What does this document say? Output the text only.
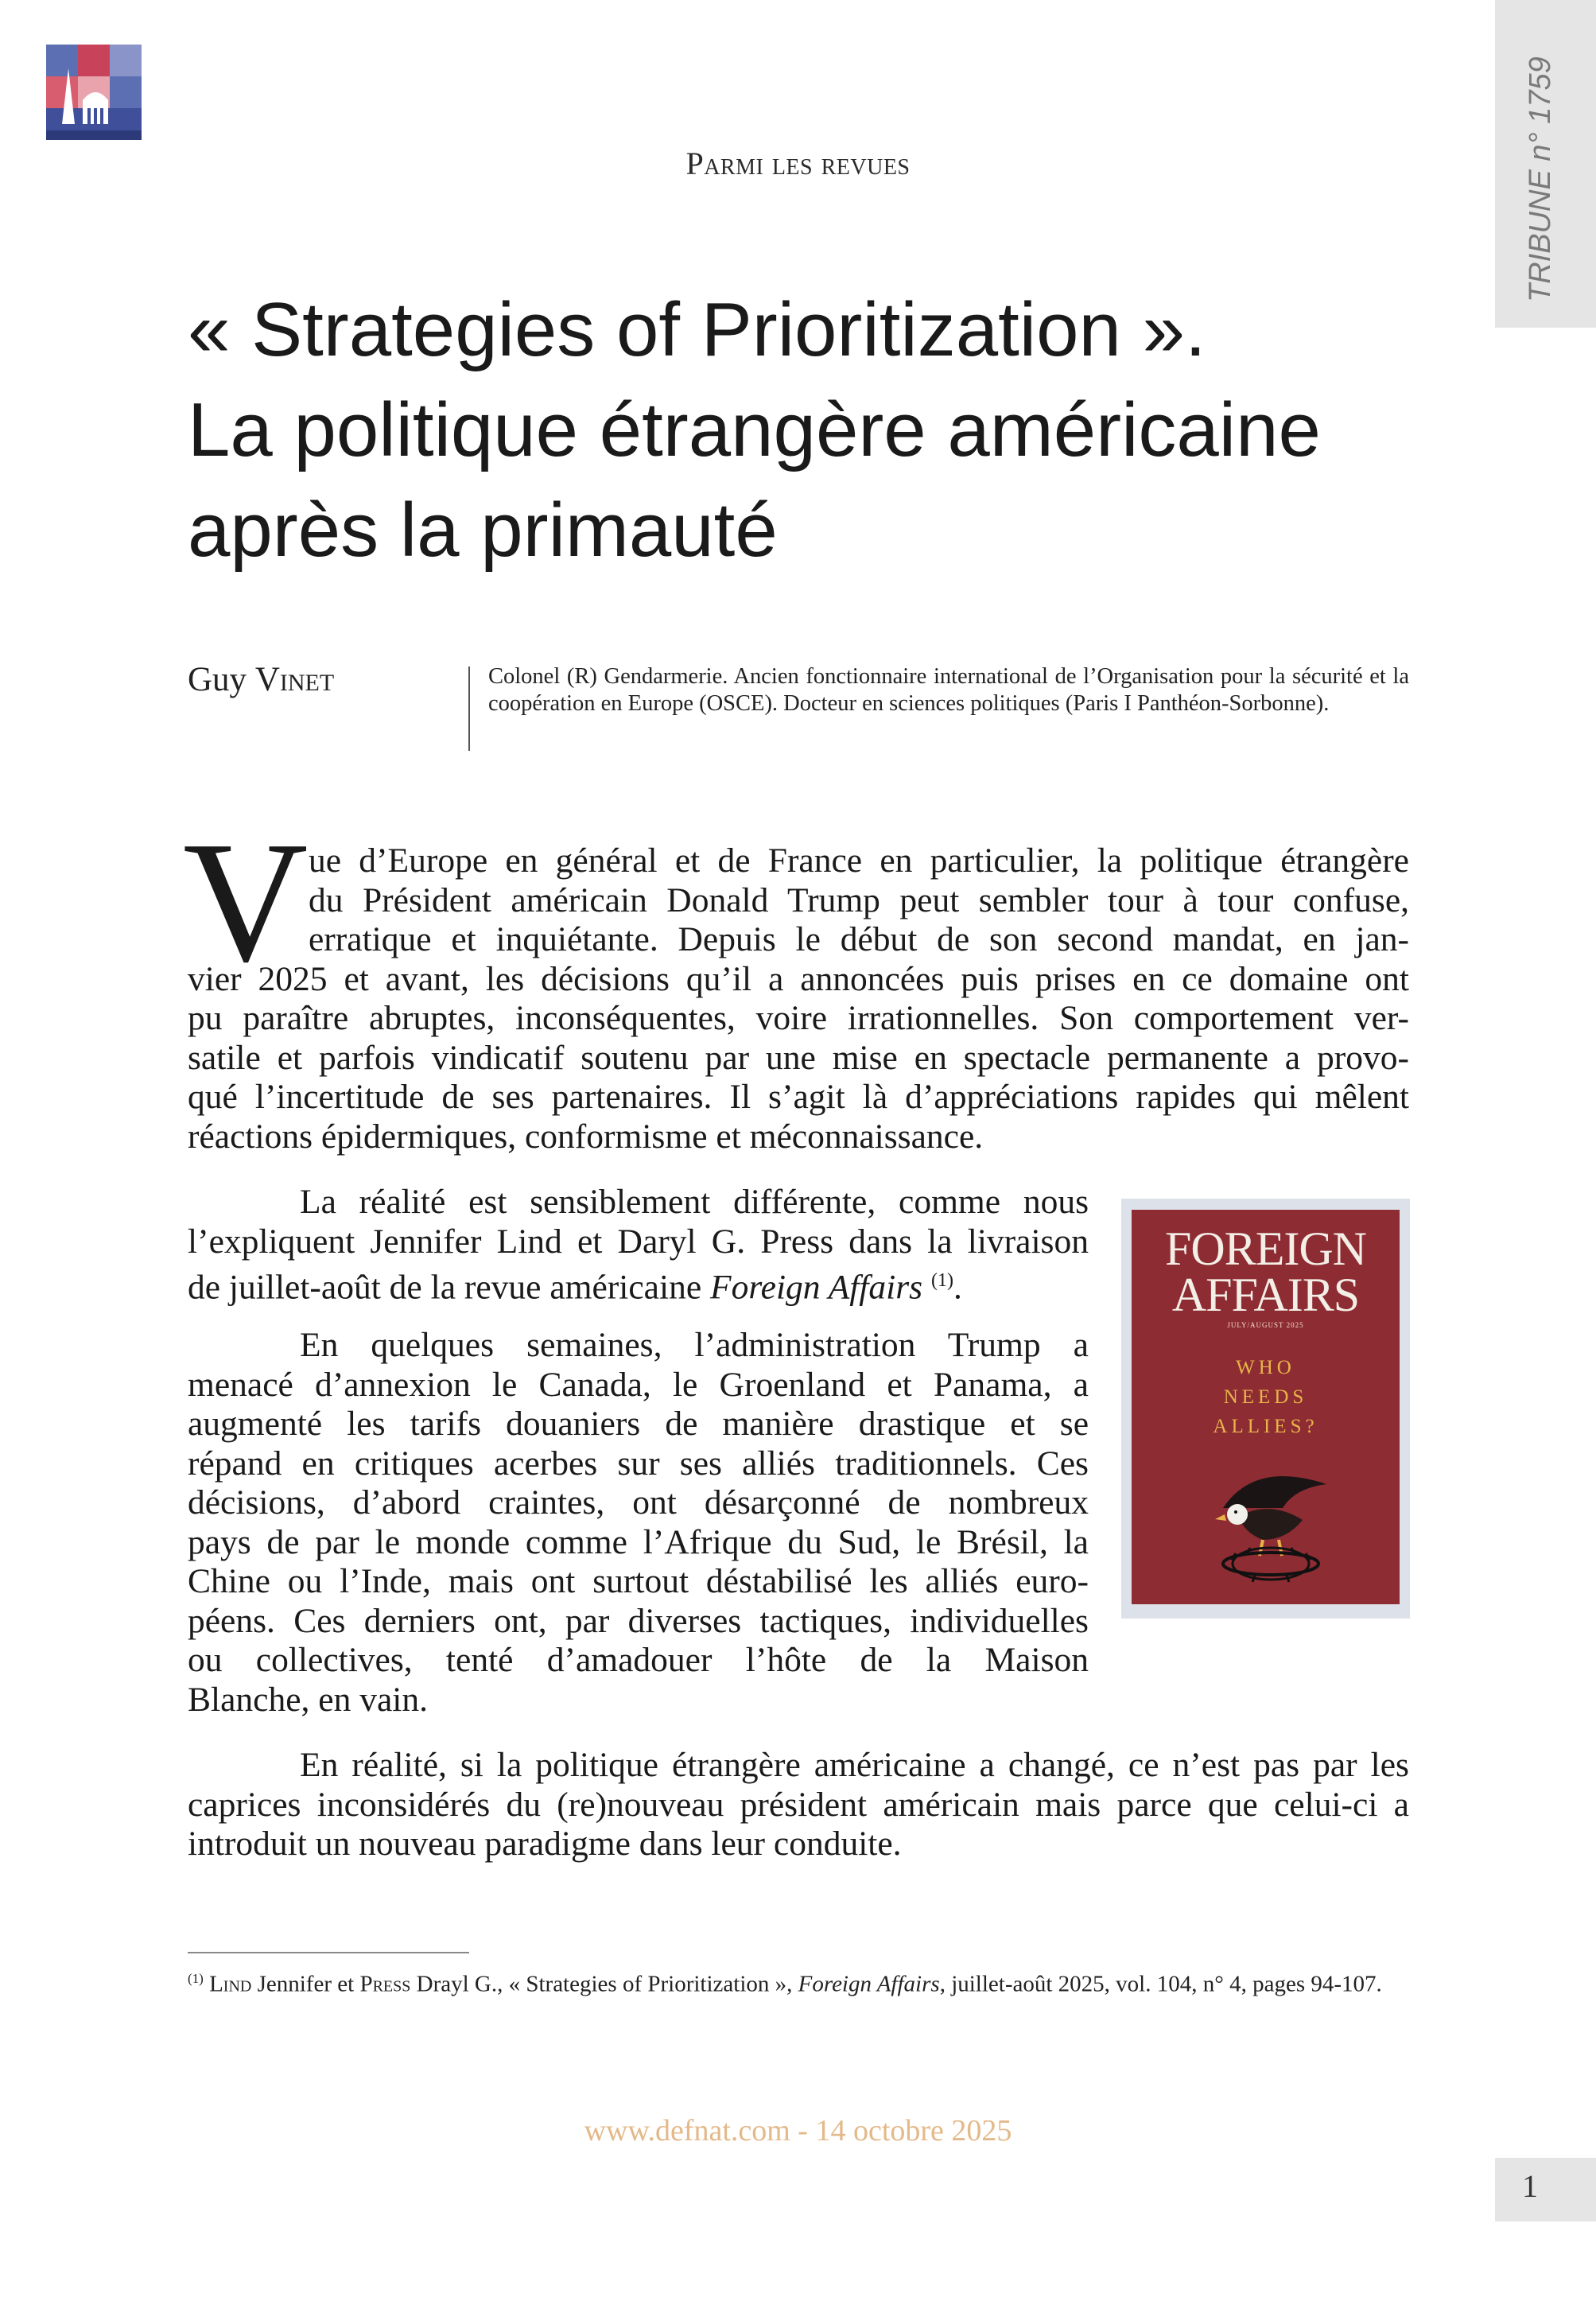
TRIBUNE n° 1759
Parmi les revues
« Strategies of Prioritization ».
La politique étrangère américaine
après la primauté
Guy Vinet	Colonel (R) Gendarmerie. Ancien fonctionnaire international de l’Organisation pour la sécurité et la coopération en Europe (OSCE). Docteur en sciences politiques (Paris I Panthéon-Sorbonne).
V ue d’Europe en général et de France en particulier, la politique étrangère
du Président américain Donald Trump peut sembler tour à tour confuse,
erratique et inquiétante. Depuis le début de son second mandat, en jan-
vier 2025 et avant, les décisions qu’il a annoncées puis prises en ce domaine ont
pu paraître abruptes, inconséquentes, voire irrationnelles. Son comportement ver-
satile et parfois vindicatif soutenu par une mise en spectacle permanente a provo-
qué l’incertitude de ses partenaires. Il s’agit là d’appréciations rapides qui mêlent
réactions épidermiques, conformisme et méconnaissance.
La réalité est sensiblement différente, comme nous
l’expliquent Jennifer Lind et Daryl G. Press dans la livraison
de juillet-août de la revue américaine Foreign Affairs $^{(1)}$.
En quelques semaines, l’administration Trump a
menacé d’annexion le Canada, le Groenland et Panama, a
augmenté les tarifs douaniers de manière drastique et se
répand en critiques acerbes sur ses alliés traditionnels. Ces
décisions, d’abord craintes, ont désarçonné de nombreux
pays de par le monde comme l’Afrique du Sud, le Brésil, la
Chine ou l’Inde, mais ont surtout déstabilisé les alliés euro-
péens. Ces derniers ont, par diverses tactiques, individuelles
ou collectives, tenté d’amadouer l’hôte de la Maison
Blanche, en vain.
En réalité, si la politique étrangère américaine a changé, ce n’est pas par les
caprices inconsidérés du (re)nouveau président américain mais parce que celui-ci a
introduit un nouveau paradigme dans leur conduite.
FOREIGN
AFFAIRS
JULY/AUGUST 2025
WHO
NEEDS
ALLIES?
$^{(1)}$ Lind Jennifer et Press Drayl G., « Strategies of Prioritization », Foreign Affairs, juillet-août 2025, vol. 104, n° 4, pages 94-107.
www.defnat.com - 14 octobre 2025
1
